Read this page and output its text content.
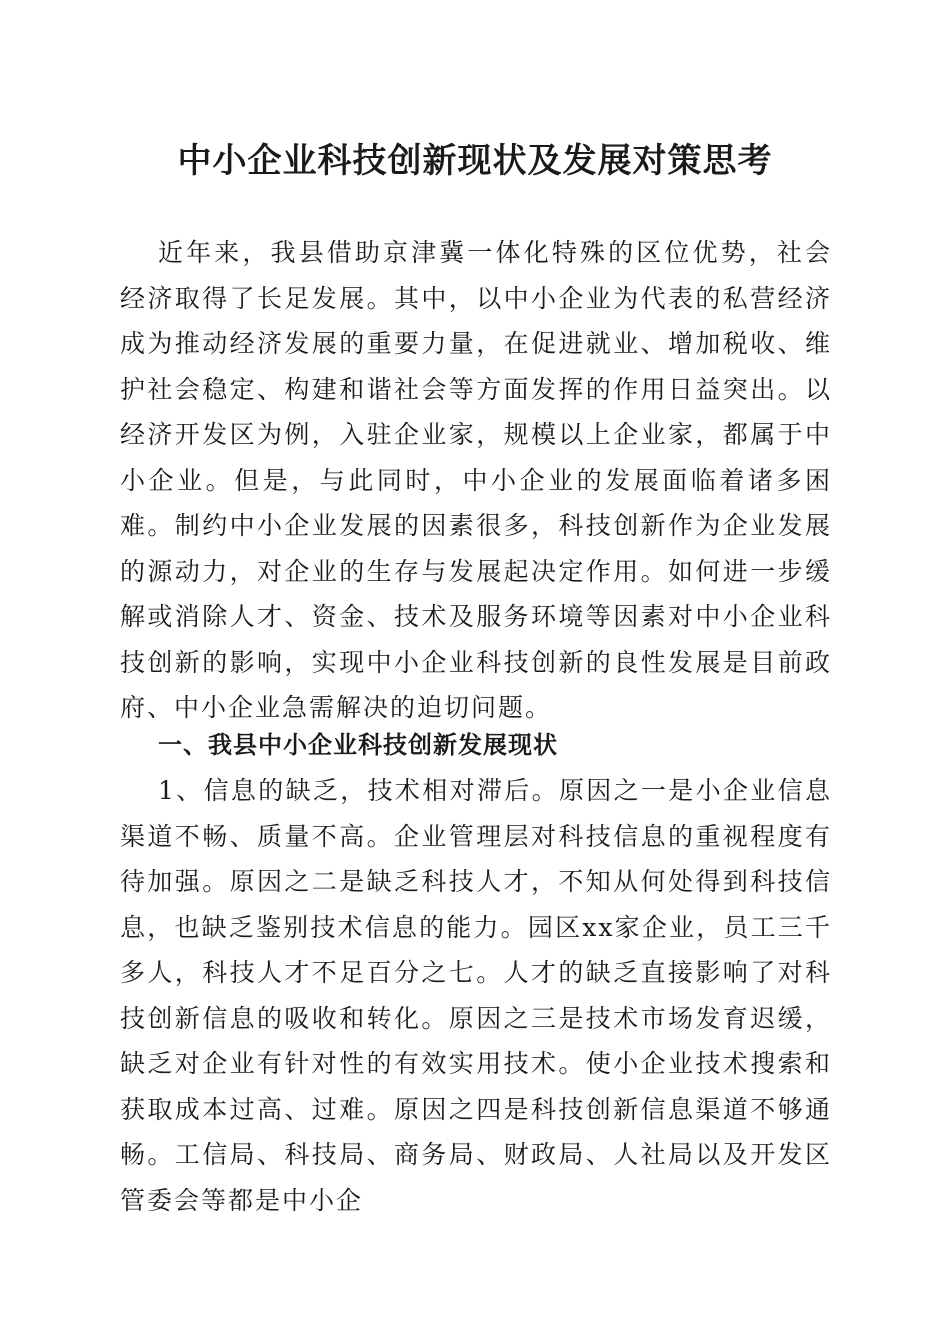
中小企业科技创新现状及发展对策思考

近年来，我县借助京津冀一体化特殊的区位优势，社会经济取得了长足发展。其中，以中小企业为代表的私营经济成为推动经济发展的重要力量，在促进就业、增加税收、维护社会稳定、构建和谐社会等方面发挥的作用日益突出。以经济开发区为例，入驻企业家，规模以上企业家，都属于中小企业。但是，与此同时，中小企业的发展面临着诸多困难。制约中小企业发展的因素很多，科技创新作为企业发展的源动力，对企业的生存与发展起决定作用。如何进一步缓解或消除人才、资金、技术及服务环境等因素对中小企业科技创新的影响，实现中小企业科技创新的良性发展是目前政府、中小企业急需解决的迫切问题。

一、我县中小企业科技创新发展现状

1、信息的缺乏，技术相对滞后。原因之一是小企业信息渠道不畅、质量不高。企业管理层对科技信息的重视程度有待加强。原因之二是缺乏科技人才，不知从何处得到科技信息，也缺乏鉴别技术信息的能力。园区xx家企业，员工三千多人，科技人才不足百分之七。人才的缺乏直接影响了对科技创新信息的吸收和转化。原因之三是技术市场发育迟缓，缺乏对企业有针对性的有效实用技术。使小企业技术搜索和获取成本过高、过难。原因之四是科技创新信息渠道不够通畅。工信局、科技局、商务局、财政局、人社局以及开发区管委会等都是中小企
